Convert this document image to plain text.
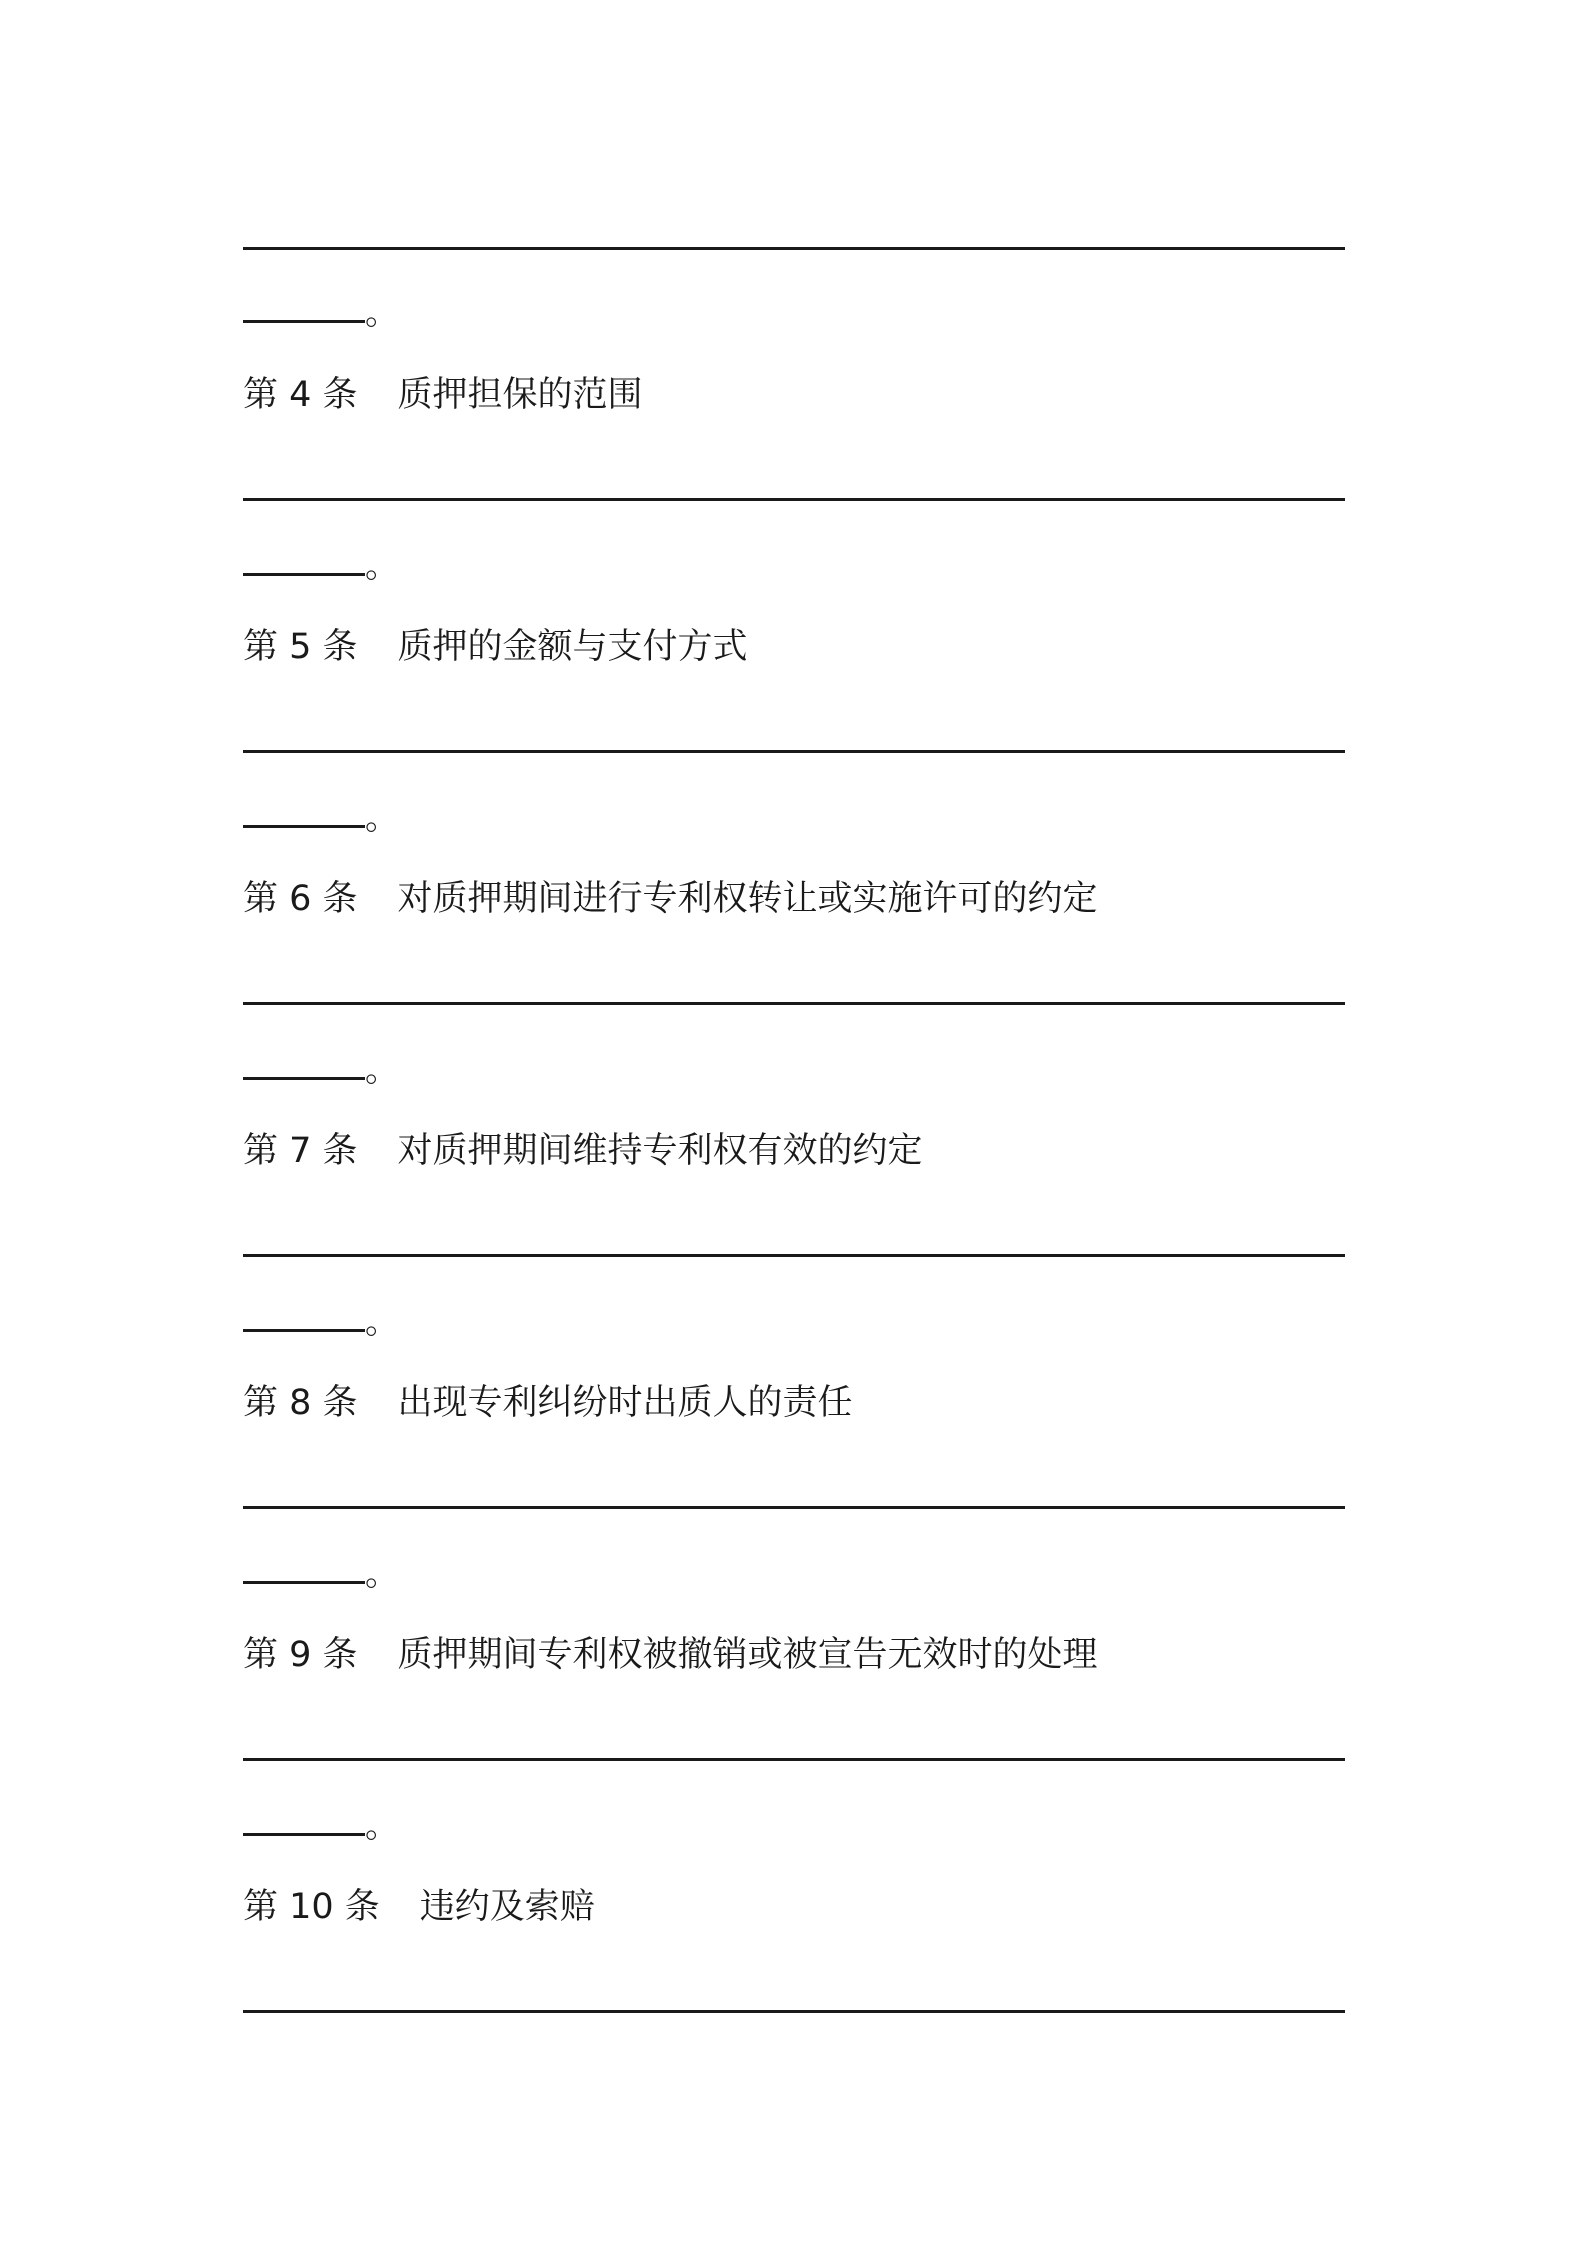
。
第 4 条 质押担保的范围
。
第 5 条 质押的金额与支付方式
。
第 6 条 对质押期间进行专利权转让或实施许可的约定
。
第 7 条 对质押期间维持专利权有效的约定
。
第 8 条 出现专利纠纷时出质人的责任
。
第 9 条 质押期间专利权被撤销或被宣告无效时的处理
。
第 10 条 违约及索赔
